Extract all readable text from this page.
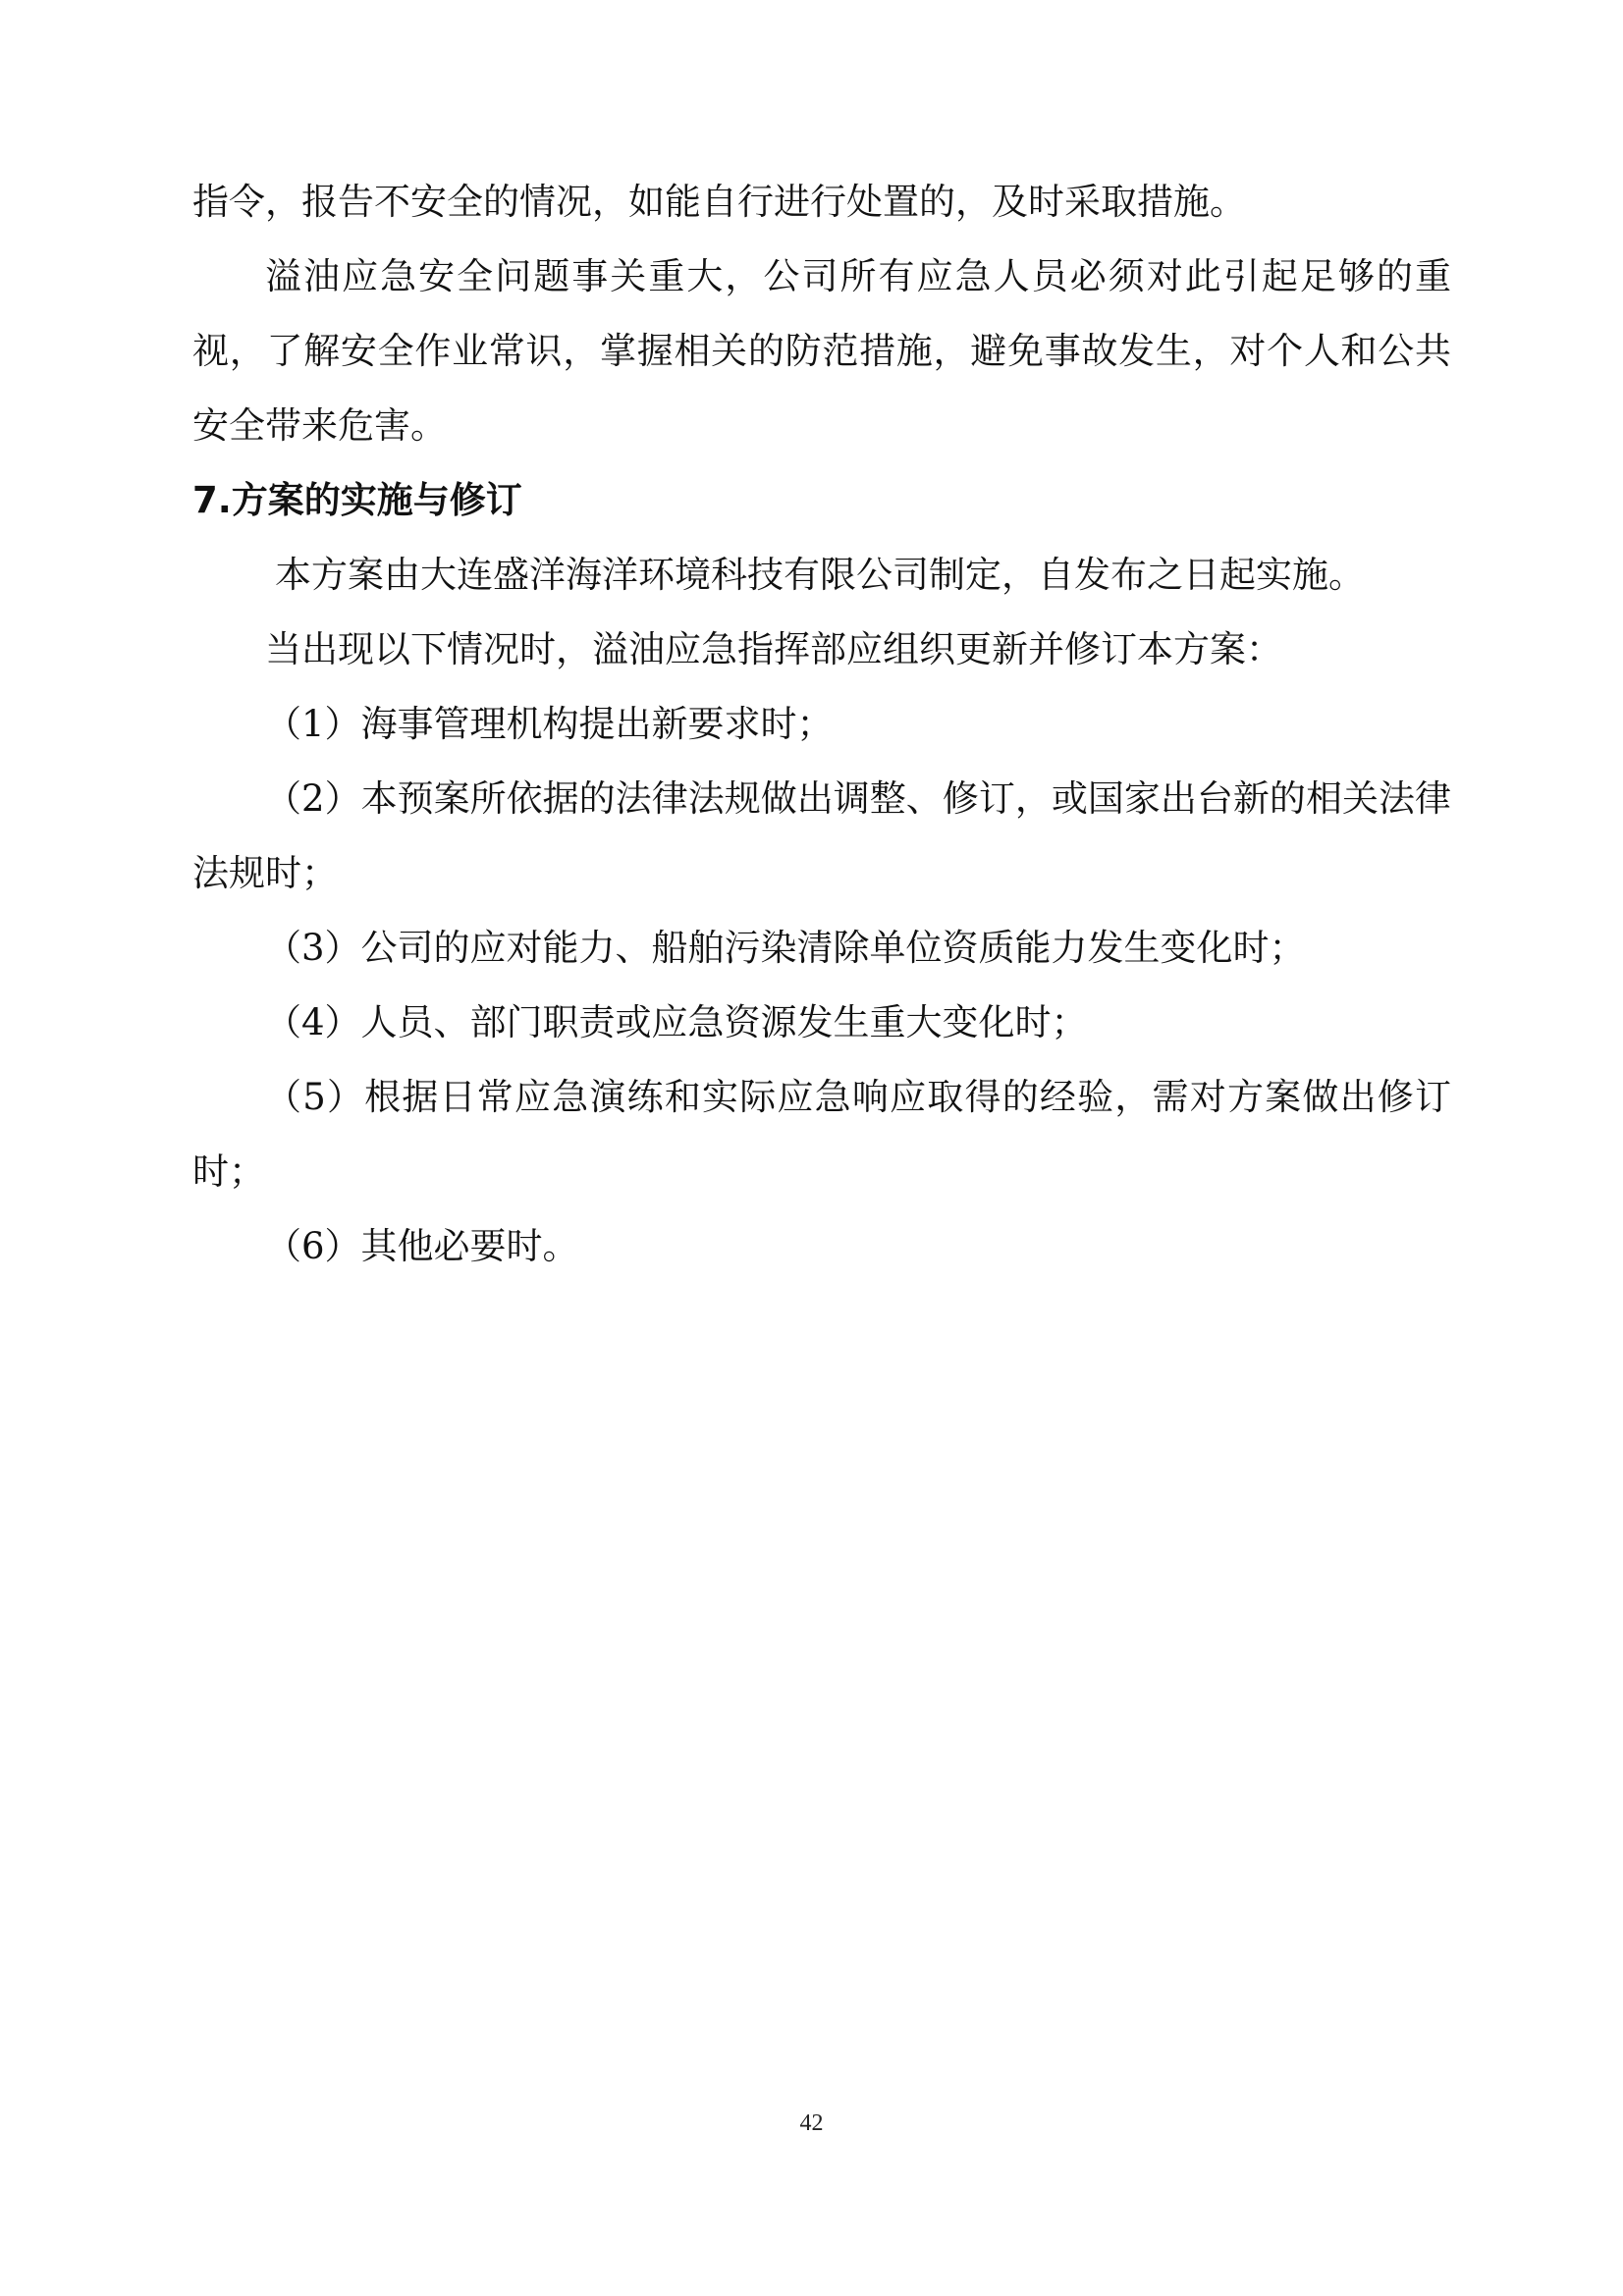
指令，报告不安全的情况，如能自行进行处置的，及时采取措施。

溢油应急安全问题事关重大，公司所有应急人员必须对此引起足够的重视，了解安全作业常识，掌握相关的防范措施，避免事故发生，对个人和公共安全带来危害。

7.方案的实施与修订

本方案由大连盛洋海洋环境科技有限公司制定，自发布之日起实施。

当出现以下情况时，溢油应急指挥部应组织更新并修订本方案：

（1）海事管理机构提出新要求时；

（2）本预案所依据的法律法规做出调整、修订，或国家出台新的相关法律法规时；

（3）公司的应对能力、船舶污染清除单位资质能力发生变化时；

（4）人员、部门职责或应急资源发生重大变化时；

（5）根据日常应急演练和实际应急响应取得的经验，需对方案做出修订时；

（6）其他必要时。

42
